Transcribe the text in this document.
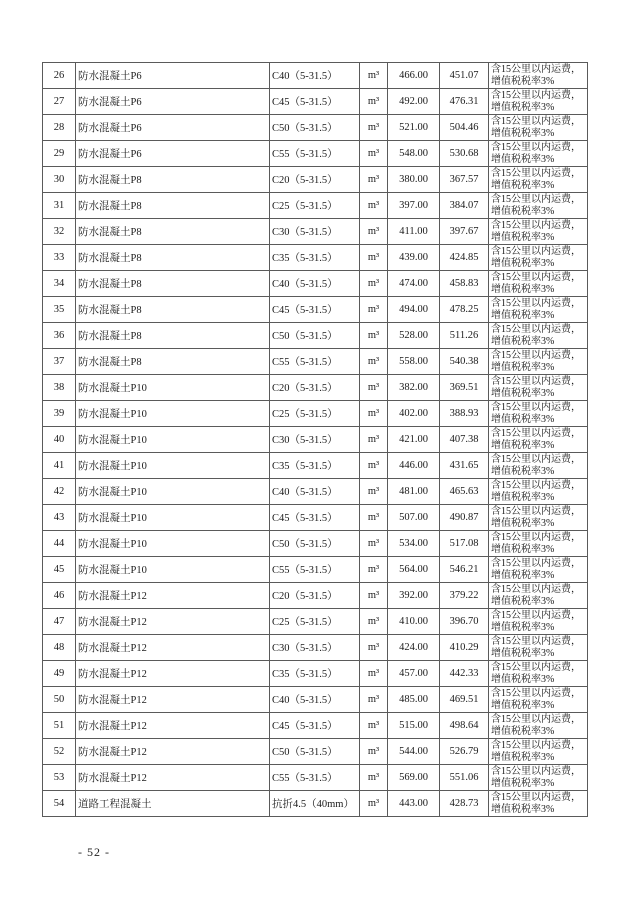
26	防水混凝土P6	C40（5-31.5）	m³	466.00	451.07	含15公里以内运费，
增值税税率3%

27	防水混凝土P6	C45（5-31.5）	m³	492.00	476.31	含15公里以内运费，
增值税税率3%

28	防水混凝土P6	C50（5-31.5）	m³	521.00	504.46	含15公里以内运费，
增值税税率3%

29	防水混凝土P6	C55（5-31.5）	m³	548.00	530.68	含15公里以内运费，
增值税税率3%

30	防水混凝土P8	C20（5-31.5）	m³	380.00	367.57	含15公里以内运费，
增值税税率3%

31	防水混凝土P8	C25（5-31.5）	m³	397.00	384.07	含15公里以内运费，
增值税税率3%

32	防水混凝土P8	C30（5-31.5）	m³	411.00	397.67	含15公里以内运费，
增值税税率3%

33	防水混凝土P8	C35（5-31.5）	m³	439.00	424.85	含15公里以内运费，
增值税税率3%

34	防水混凝土P8	C40（5-31.5）	m³	474.00	458.83	含15公里以内运费，
增值税税率3%

35	防水混凝土P8	C45（5-31.5）	m³	494.00	478.25	含15公里以内运费，
增值税税率3%

36	防水混凝土P8	C50（5-31.5）	m³	528.00	511.26	含15公里以内运费，
增值税税率3%

37	防水混凝土P8	C55（5-31.5）	m³	558.00	540.38	含15公里以内运费，
增值税税率3%

38	防水混凝土P10	C20（5-31.5）	m³	382.00	369.51	含15公里以内运费，
增值税税率3%

39	防水混凝土P10	C25（5-31.5）	m³	402.00	388.93	含15公里以内运费，
增值税税率3%

40	防水混凝土P10	C30（5-31.5）	m³	421.00	407.38	含15公里以内运费，
增值税税率3%

41	防水混凝土P10	C35（5-31.5）	m³	446.00	431.65	含15公里以内运费，
增值税税率3%

42	防水混凝土P10	C40（5-31.5）	m³	481.00	465.63	含15公里以内运费，
增值税税率3%

43	防水混凝土P10	C45（5-31.5）	m³	507.00	490.87	含15公里以内运费，
增值税税率3%

44	防水混凝土P10	C50（5-31.5）	m³	534.00	517.08	含15公里以内运费，
增值税税率3%

45	防水混凝土P10	C55（5-31.5）	m³	564.00	546.21	含15公里以内运费，
增值税税率3%

46	防水混凝土P12	C20（5-31.5）	m³	392.00	379.22	含15公里以内运费，
增值税税率3%

47	防水混凝土P12	C25（5-31.5）	m³	410.00	396.70	含15公里以内运费，
增值税税率3%

48	防水混凝土P12	C30（5-31.5）	m³	424.00	410.29	含15公里以内运费，
增值税税率3%

49	防水混凝土P12	C35（5-31.5）	m³	457.00	442.33	含15公里以内运费，
增值税税率3%

50	防水混凝土P12	C40（5-31.5）	m³	485.00	469.51	含15公里以内运费，
增值税税率3%

51	防水混凝土P12	C45（5-31.5）	m³	515.00	498.64	含15公里以内运费，
增值税税率3%

52	防水混凝土P12	C50（5-31.5）	m³	544.00	526.79	含15公里以内运费，
增值税税率3%

53	防水混凝土P12	C55（5-31.5）	m³	569.00	551.06	含15公里以内运费，
增值税税率3%

54	道路工程混凝土	抗折4.5（40mm）	m³	443.00	428.73	含15公里以内运费，
增值税税率3%
- 52 -
